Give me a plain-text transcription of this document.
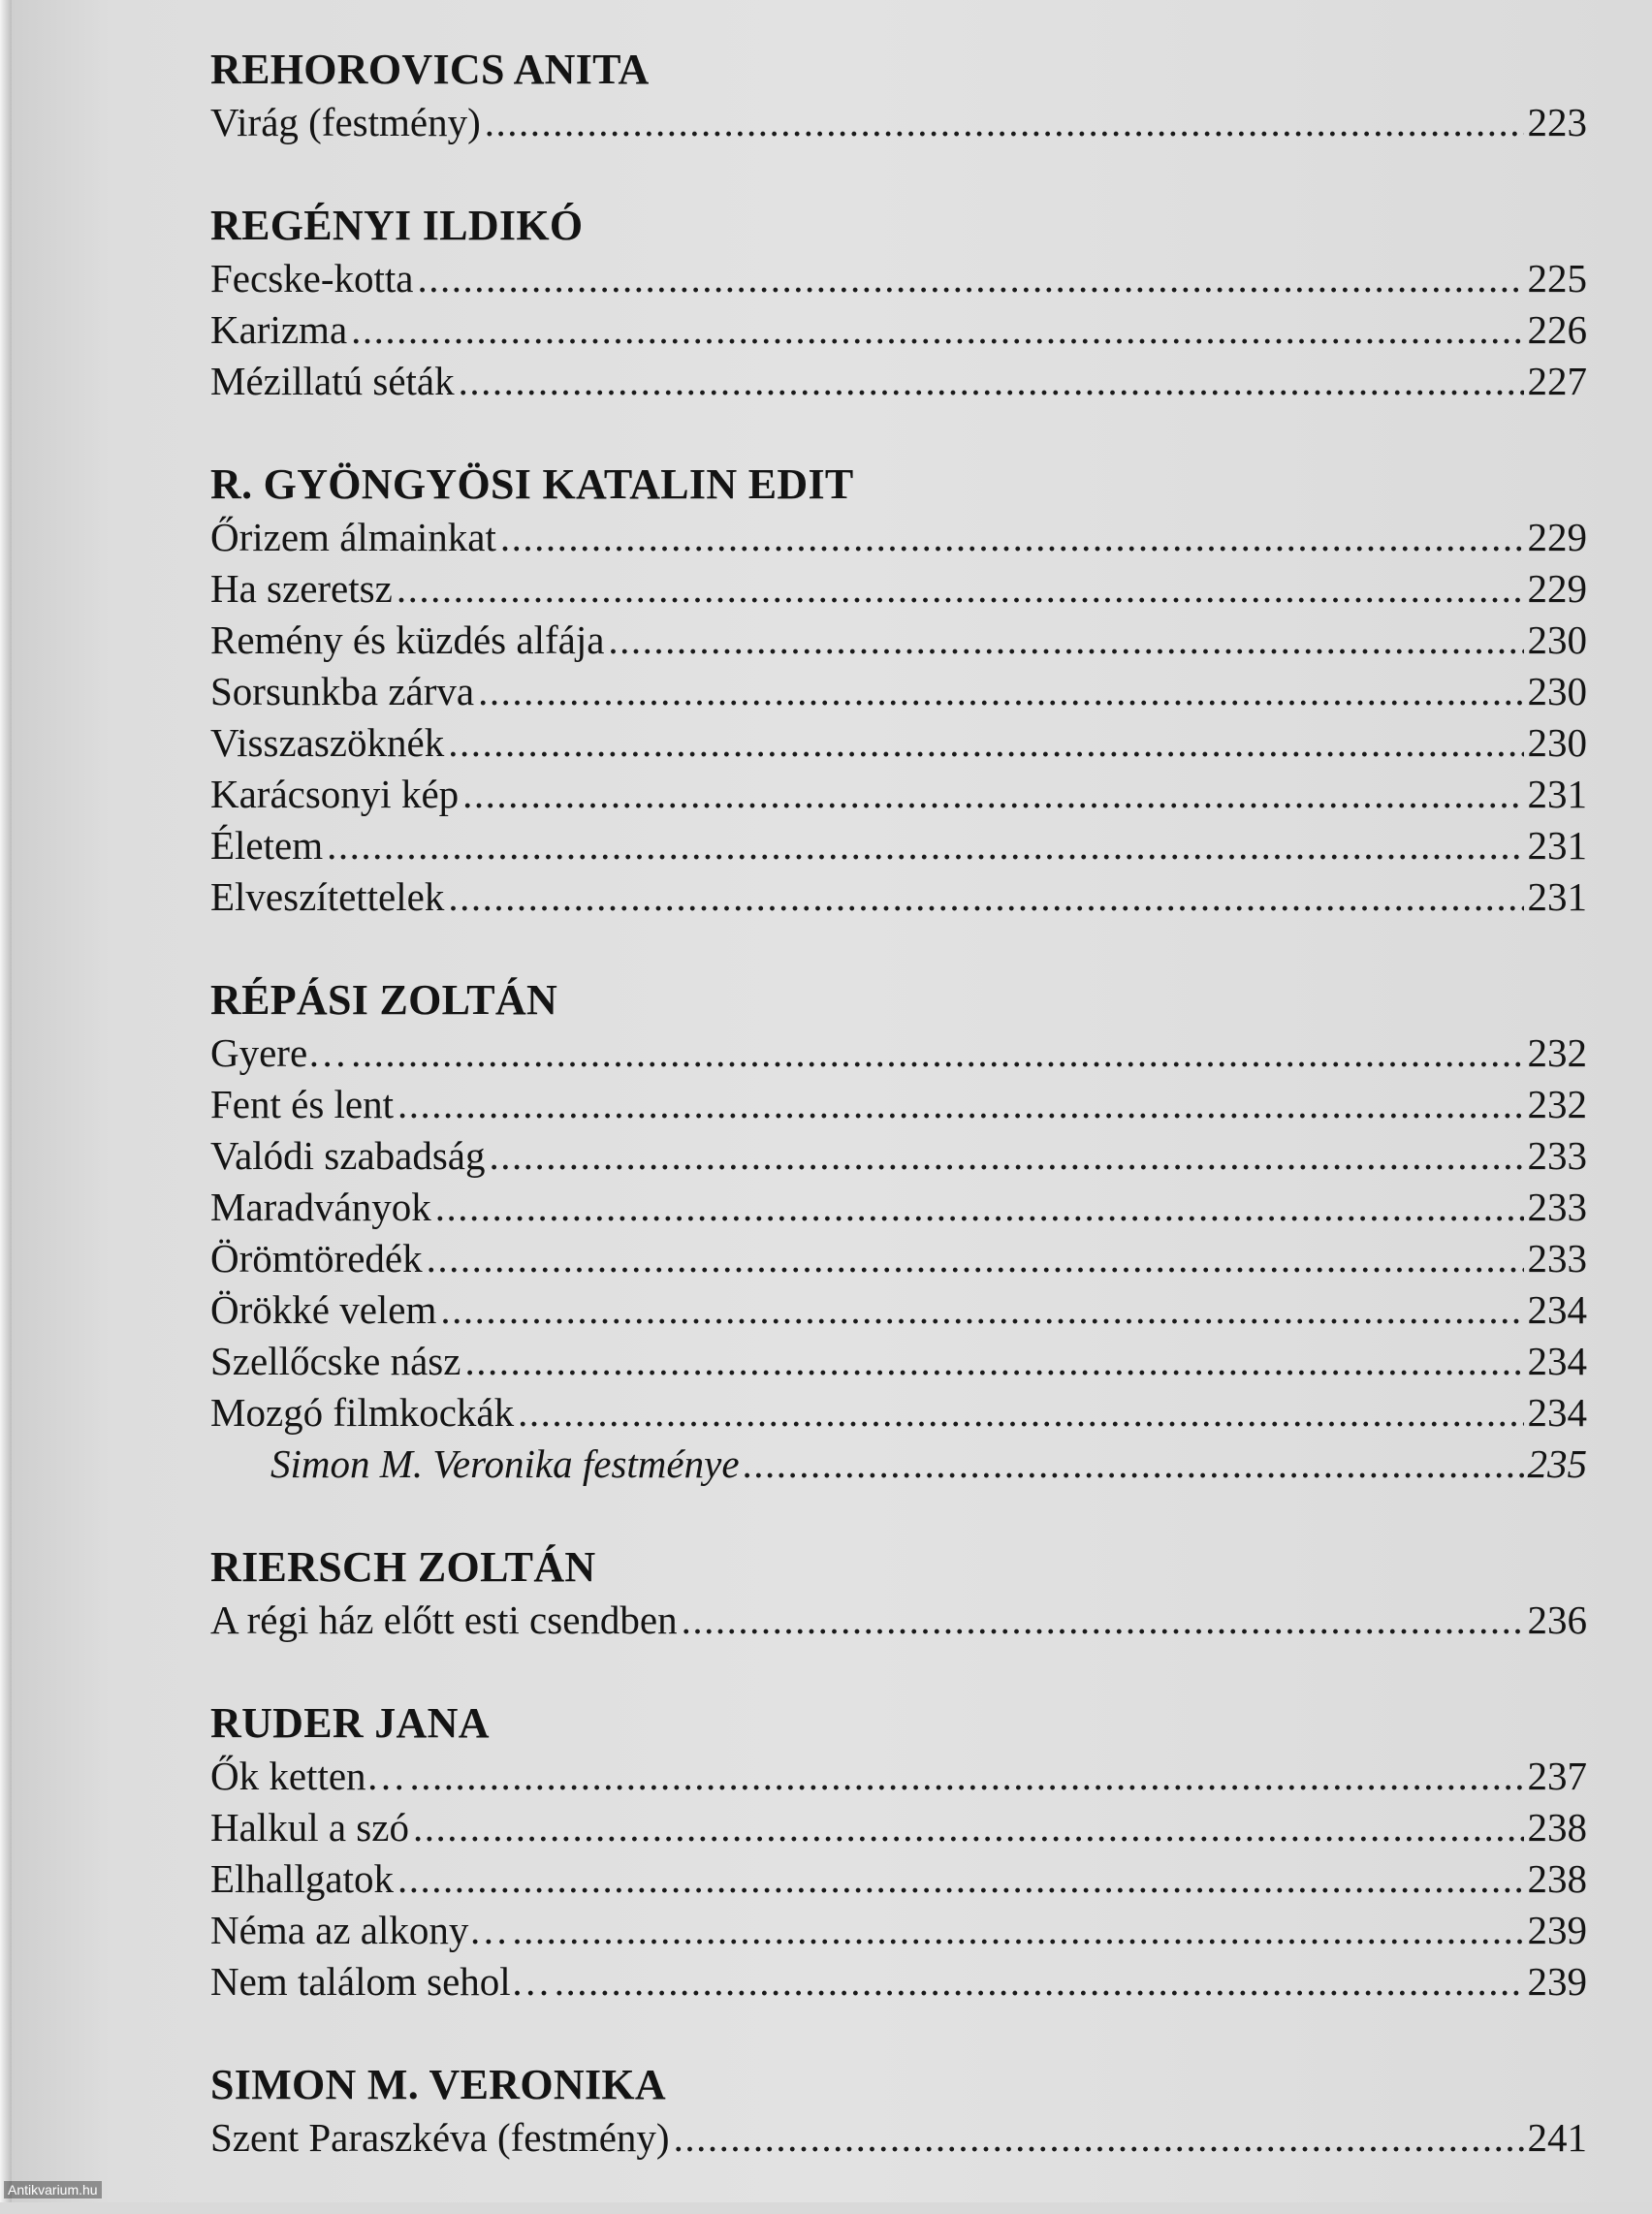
REHOROVICS ANITA
Virág (festmény) .....	223
REGÉNYI ILDIKÓ
Fecske-kotta .....	225
Karizma .....	226
Mézillatú séták .....	227
R. GYÖNGYÖSI KATALIN EDIT
Őrizem álmainkat .....	229
Ha szeretsz .....	229
Remény és küzdés alfája .....	230
Sorsunkba zárva .....	230
Visszaszöknék .....	230
Karácsonyi kép .....	231
Életem .....	231
Elveszítettelek .....	231
RÉPÁSI ZOLTÁN
Gyere… .....	232
Fent és lent .....	232
Valódi szabadság .....	233
Maradványok .....	233
Örömtöredék .....	233
Örökké velem .....	234
Szellőcske nász .....	234
Mozgó filmkockák .....	234
Simon M. Veronika festménye .....	235
RIERSCH ZOLTÁN
A régi ház előtt esti csendben .....	236
RUDER JANA
Ők ketten… .....	237
Halkul a szó .....	238
Elhallgatok .....	238
Néma az alkony… .....	239
Nem találom sehol… .....	239
SIMON M. VERONIKA
Szent Paraszkéva (festmény) .....	241
Antikvarium.hu
